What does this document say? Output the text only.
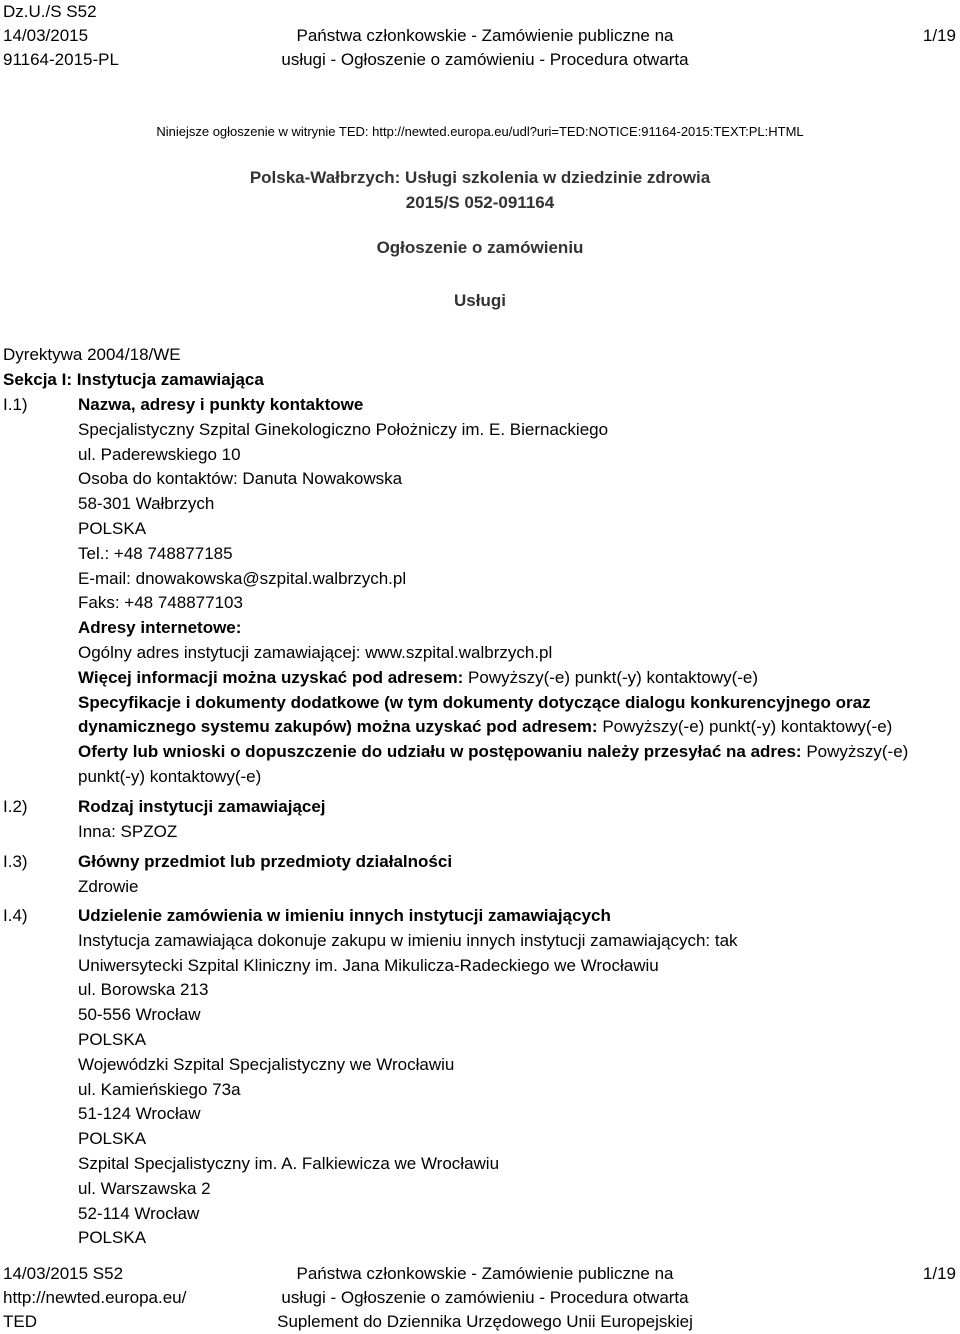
Dz.U./S S52
14/03/2015
91164-2015-PL
Państwa członkowskie - Zamówienie publiczne na
usługi - Ogłoszenie o zamówieniu - Procedura otwarta
1/19
Niniejsze ogłoszenie w witrynie TED: http://newted.europa.eu/udl?uri=TED:NOTICE:91164-2015:TEXT:PL:HTML
Polska-Wałbrzych: Usługi szkolenia w dziedzinie zdrowia
2015/S 052-091164
Ogłoszenie o zamówieniu
Usługi
Dyrektywa 2004/18/WE
Sekcja I: Instytucja zamawiająca
I.1)	Nazwa, adresy i punkty kontaktowe
Specjalistyczny Szpital Ginekologiczno Położniczy im. E. Biernackiego
ul. Paderewskiego 10
Osoba do kontaktów: Danuta Nowakowska
58-301 Wałbrzych
POLSKA
Tel.: +48 748877185
E-mail: dnowakowska@szpital.walbrzych.pl
Faks: +48 748877103
Adresy internetowe:
Ogólny adres instytucji zamawiającej: www.szpital.walbrzych.pl
Więcej informacji można uzyskać pod adresem: Powyższy(-e) punkt(-y) kontaktowy(-e)
Specyfikacje i dokumenty dodatkowe (w tym dokumenty dotyczące dialogu konkurencyjnego oraz
dynamicznego systemu zakupów) można uzyskać pod adresem: Powyższy(-e) punkt(-y) kontaktowy(-e)
Oferty lub wnioski o dopuszczenie do udziału w postępowaniu należy przesyłać na adres: Powyższy(-e)
punkt(-y) kontaktowy(-e)
I.2)	Rodzaj instytucji zamawiającej
Inna: SPZOZ
I.3)	Główny przedmiot lub przedmioty działalności
Zdrowie
I.4)	Udzielenie zamówienia w imieniu innych instytucji zamawiających
Instytucja zamawiająca dokonuje zakupu w imieniu innych instytucji zamawiających: tak
Uniwersytecki Szpital Kliniczny im. Jana Mikulicza-Radeckiego we Wrocławiu
ul. Borowska 213
50-556 Wrocław
POLSKA
Wojewódzki Szpital Specjalistyczny we Wrocławiu
ul. Kamieńskiego 73a
51-124 Wrocław
POLSKA
Szpital Specjalistyczny im. A. Falkiewicza we Wrocławiu
ul. Warszawska 2
52-114 Wrocław
POLSKA
14/03/2015 S52
http://newted.europa.eu/
TED
Państwa członkowskie - Zamówienie publiczne na
usługi - Ogłoszenie o zamówieniu - Procedura otwarta
Suplement do Dziennika Urzędowego Unii Europejskiej
1/19
